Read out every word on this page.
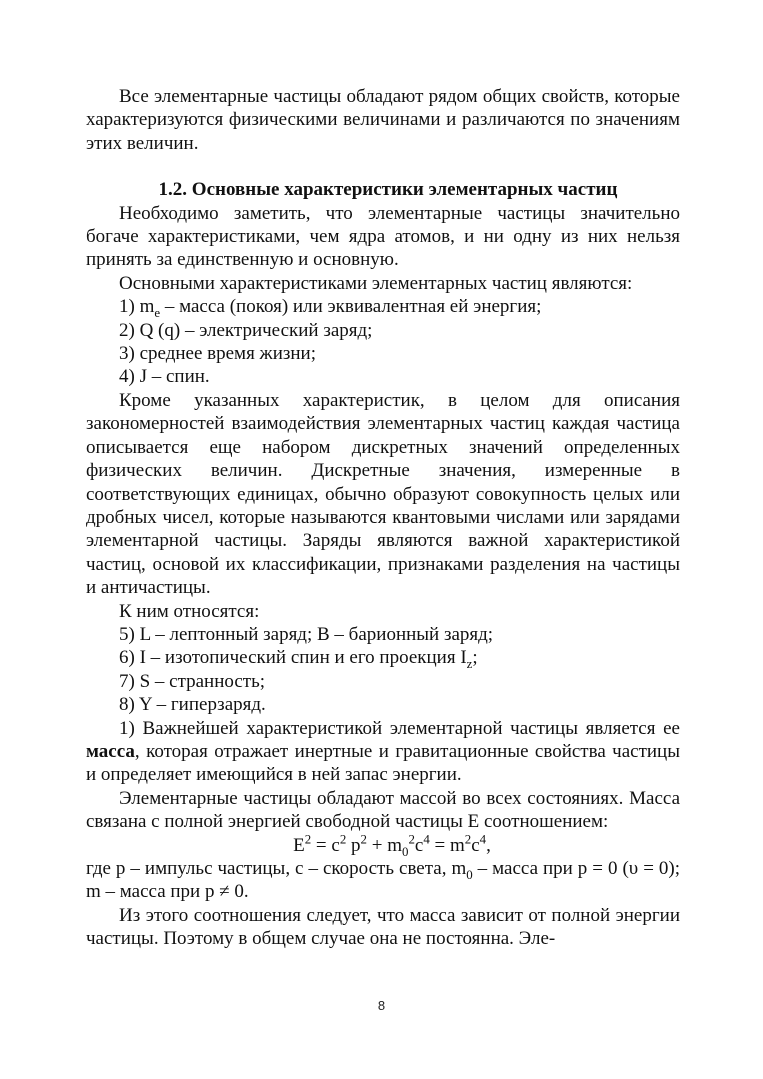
Все элементарные частицы обладают рядом общих свойств, которые характеризуются физическими величинами и различаются по значениям этих величин.

1.2. Основные характеристики элементарных частиц

Необходимо заметить, что элементарные частицы значительно богаче характеристиками, чем ядра атомов, и ни одну из них нельзя принять за единственную и основную.

Основными характеристиками элементарных частиц являются:

1) $m_e$ – масса (покоя) или эквивалентная ей энергия;

2) Q (q) – электрический заряд;

3) среднее время жизни;

4) J – спин.

Кроме указанных характеристик, в целом для описания закономерностей взаимодействия элементарных частиц каждая частица описывается еще набором дискретных значений определенных физических величин. Дискретные значения, измеренные в соответствующих единицах, обычно образуют совокупность целых или дробных чисел, которые называются квантовыми числами или зарядами элементарной частицы. Заряды являются важной характеристикой частиц, основой их классификации, признаками разделения на частицы и античастицы.

К ним относятся:

5) L – лептонный заряд; B – барионный заряд;

6) I – изотопический спин и его проекция $I_z$;

7) S – странность;

8) Y – гиперзаряд.

1) Важнейшей характеристикой элементарной частицы является ее масса, которая отражает инертные и гравитационные свойства частицы и определяет имеющийся в ней запас энергии.

Элементарные частицы обладают массой во всех состояниях. Масса связана с полной энергией свободной частицы E соотношением:

$E^2 = c^2$ $p^2 + m_0^2c^4 = m^2c^4$,

где p – импульс частицы, c – скорость света, $m_0$ – масса при p = 0 (υ = 0); m – масса при p ≠ 0.

Из этого соотношения следует, что масса зависит от полной энергии частицы. Поэтому в общем случае она не постоянна. Эле-

8
